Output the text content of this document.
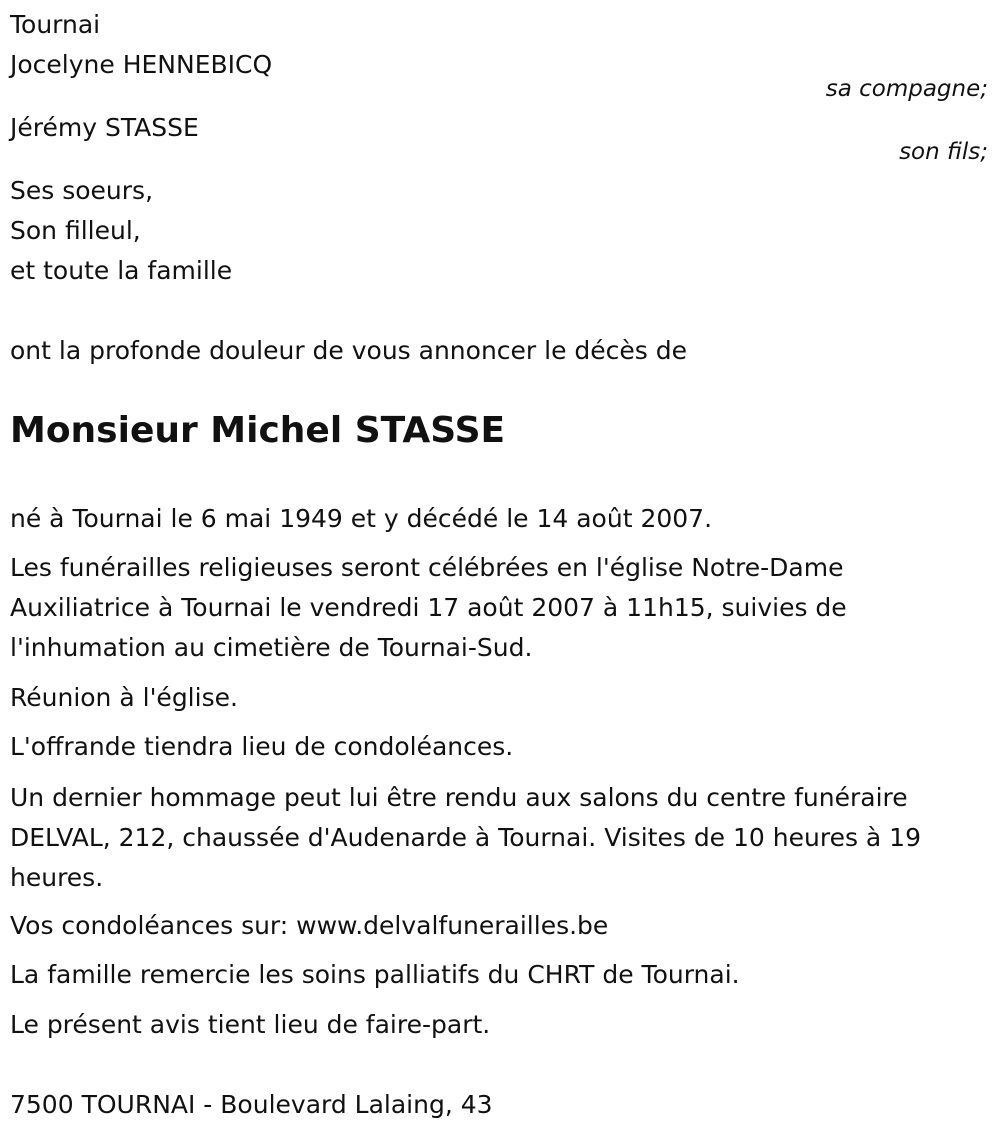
Tournai
Jocelyne HENNEBICQ
sa compagne;
Jérémy STASSE
son fils;
Ses soeurs,
Son filleul,
et toute la famille
ont la profonde douleur de vous annoncer le décès de
Monsieur Michel STASSE
né à Tournai le 6 mai 1949 et y décédé le 14 août 2007.
Les funérailles religieuses seront célébrées en l'église Notre-Dame Auxiliatrice à Tournai le vendredi 17 août 2007 à 11h15, suivies de l'inhumation au cimetière de Tournai-Sud.
Réunion à l'église.
L'offrande tiendra lieu de condoléances.
Un dernier hommage peut lui être rendu aux salons du centre funéraire DELVAL, 212, chaussée d'Audenarde à Tournai. Visites de 10 heures à 19 heures.
Vos condoléances sur: www.delvalfunerailles.be
La famille remercie les soins palliatifs du CHRT de Tournai.
Le présent avis tient lieu de faire-part.
7500 TOURNAI - Boulevard Lalaing, 43
